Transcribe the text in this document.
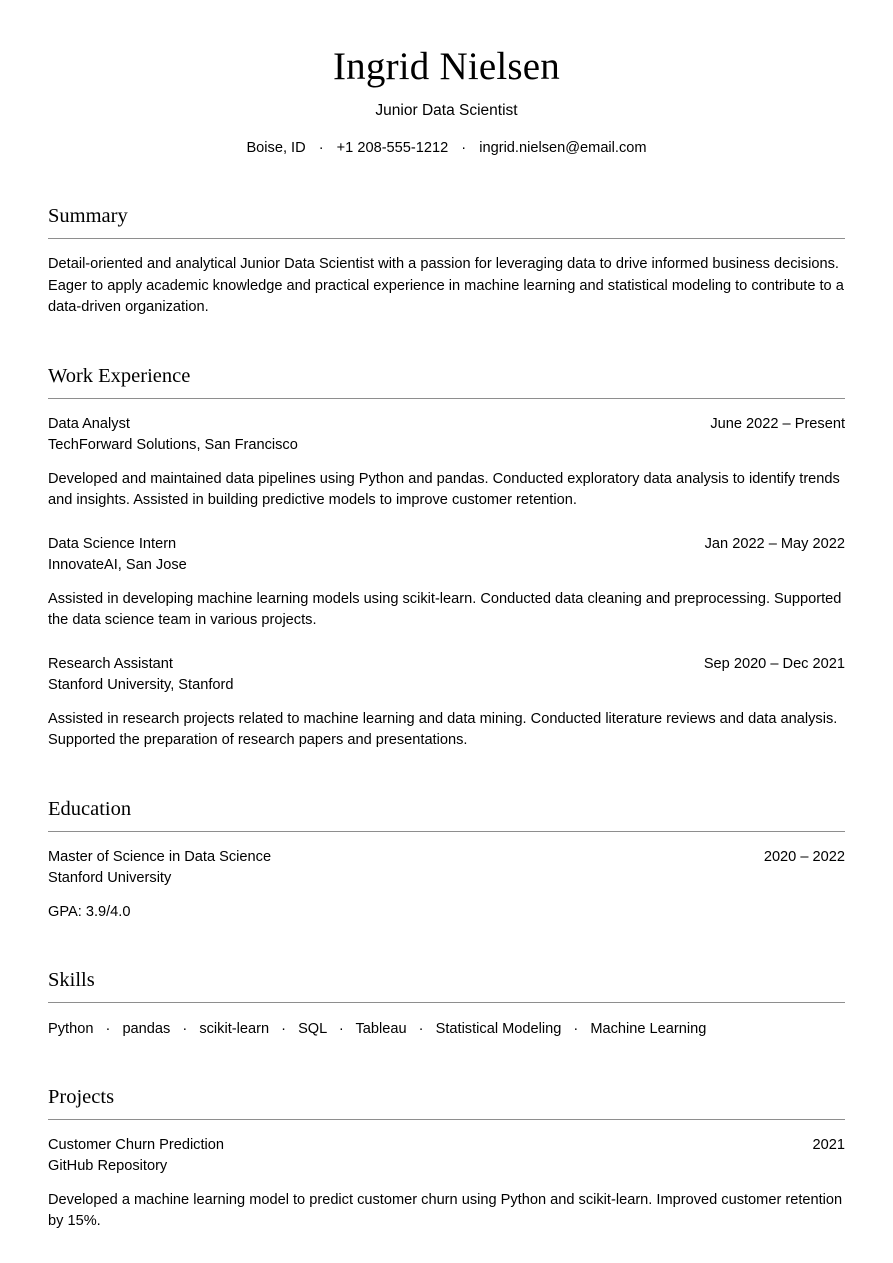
Ingrid Nielsen
Junior Data Scientist
Boise, ID · +1 208-555-1212 · ingrid.nielsen@email.com
Summary

Detail-oriented and analytical Junior Data Scientist with a passion for leveraging data to drive informed business decisions. Eager to apply academic knowledge and practical experience in machine learning and statistical modeling to contribute to a data-driven organization.

Work Experience
Data Analyst	June 2022 – Present
TechForward Solutions, San Francisco

Developed and maintained data pipelines using Python and pandas. Conducted exploratory data analysis to identify trends and insights. Assisted in building predictive models to improve customer retention.

Data Science Intern	Jan 2022 – May 2022
InnovateAI, San Jose

Assisted in developing machine learning models using scikit-learn. Conducted data cleaning and preprocessing. Supported the data science team in various projects.

Research Assistant	Sep 2020 – Dec 2021
Stanford University, Stanford

Assisted in research projects related to machine learning and data mining. Conducted literature reviews and data analysis. Supported the preparation of research papers and presentations.

Education
Master of Science in Data Science	2020 – 2022
Stanford University

GPA: 3.9/4.0

Skills
Python · pandas · scikit-learn · SQL · Tableau · Statistical Modeling · Machine Learning
Projects
Customer Churn Prediction	2021
GitHub Repository

Developed a machine learning model to predict customer churn using Python and scikit-learn. Improved customer retention by 15%.
